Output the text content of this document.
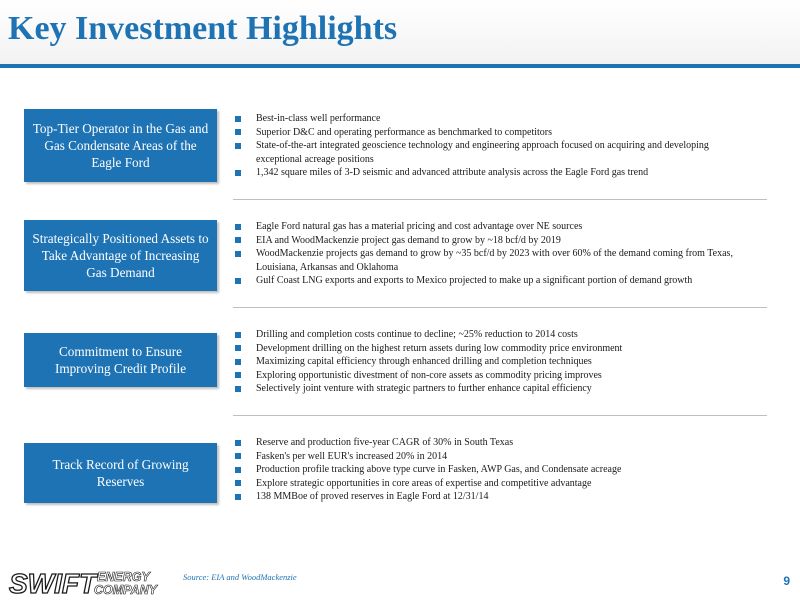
Key Investment Highlights
Top-Tier Operator in the Gas and Gas Condensate Areas of the Eagle Ford
Best-in-class well performance
Superior D&C and operating performance as benchmarked to competitors
State-of-the-art integrated geoscience technology and engineering approach focused on acquiring and developing exceptional acreage positions
1,342 square miles of 3-D seismic and advanced attribute analysis across the Eagle Ford gas trend
Strategically Positioned Assets to Take Advantage of Increasing Gas Demand
Eagle Ford natural gas has a material pricing and cost advantage over NE sources
EIA and WoodMackenzie project gas demand to grow by ~18 bcf/d by 2019
WoodMackenzie projects gas demand to grow by ~35 bcf/d by 2023 with over 60% of the demand coming from Texas, Louisiana, Arkansas and Oklahoma
Gulf Coast LNG exports and exports to Mexico projected to make up a significant portion of demand growth
Commitment to Ensure Improving Credit Profile
Drilling and completion costs continue to decline; ~25% reduction to 2014 costs
Development drilling on the highest return assets during low commodity price environment
Maximizing capital efficiency through enhanced drilling and completion techniques
Exploring opportunistic divestment of non-core assets as commodity pricing improves
Selectively joint venture with strategic partners to further enhance capital efficiency
Track Record of Growing Reserves
Reserve and production five-year CAGR of 30% in South Texas
Fasken's per well EUR's increased 20% in 2014
Production profile tracking above type curve in Fasken, AWP Gas, and Condensate acreage
Explore strategic opportunities in core areas of expertise and competitive advantage
138 MMBoe of proved reserves in Eagle Ford at 12/31/14
SWIFT ENERGY
COMPANY
Source: EIA and WoodMackenzie	9
